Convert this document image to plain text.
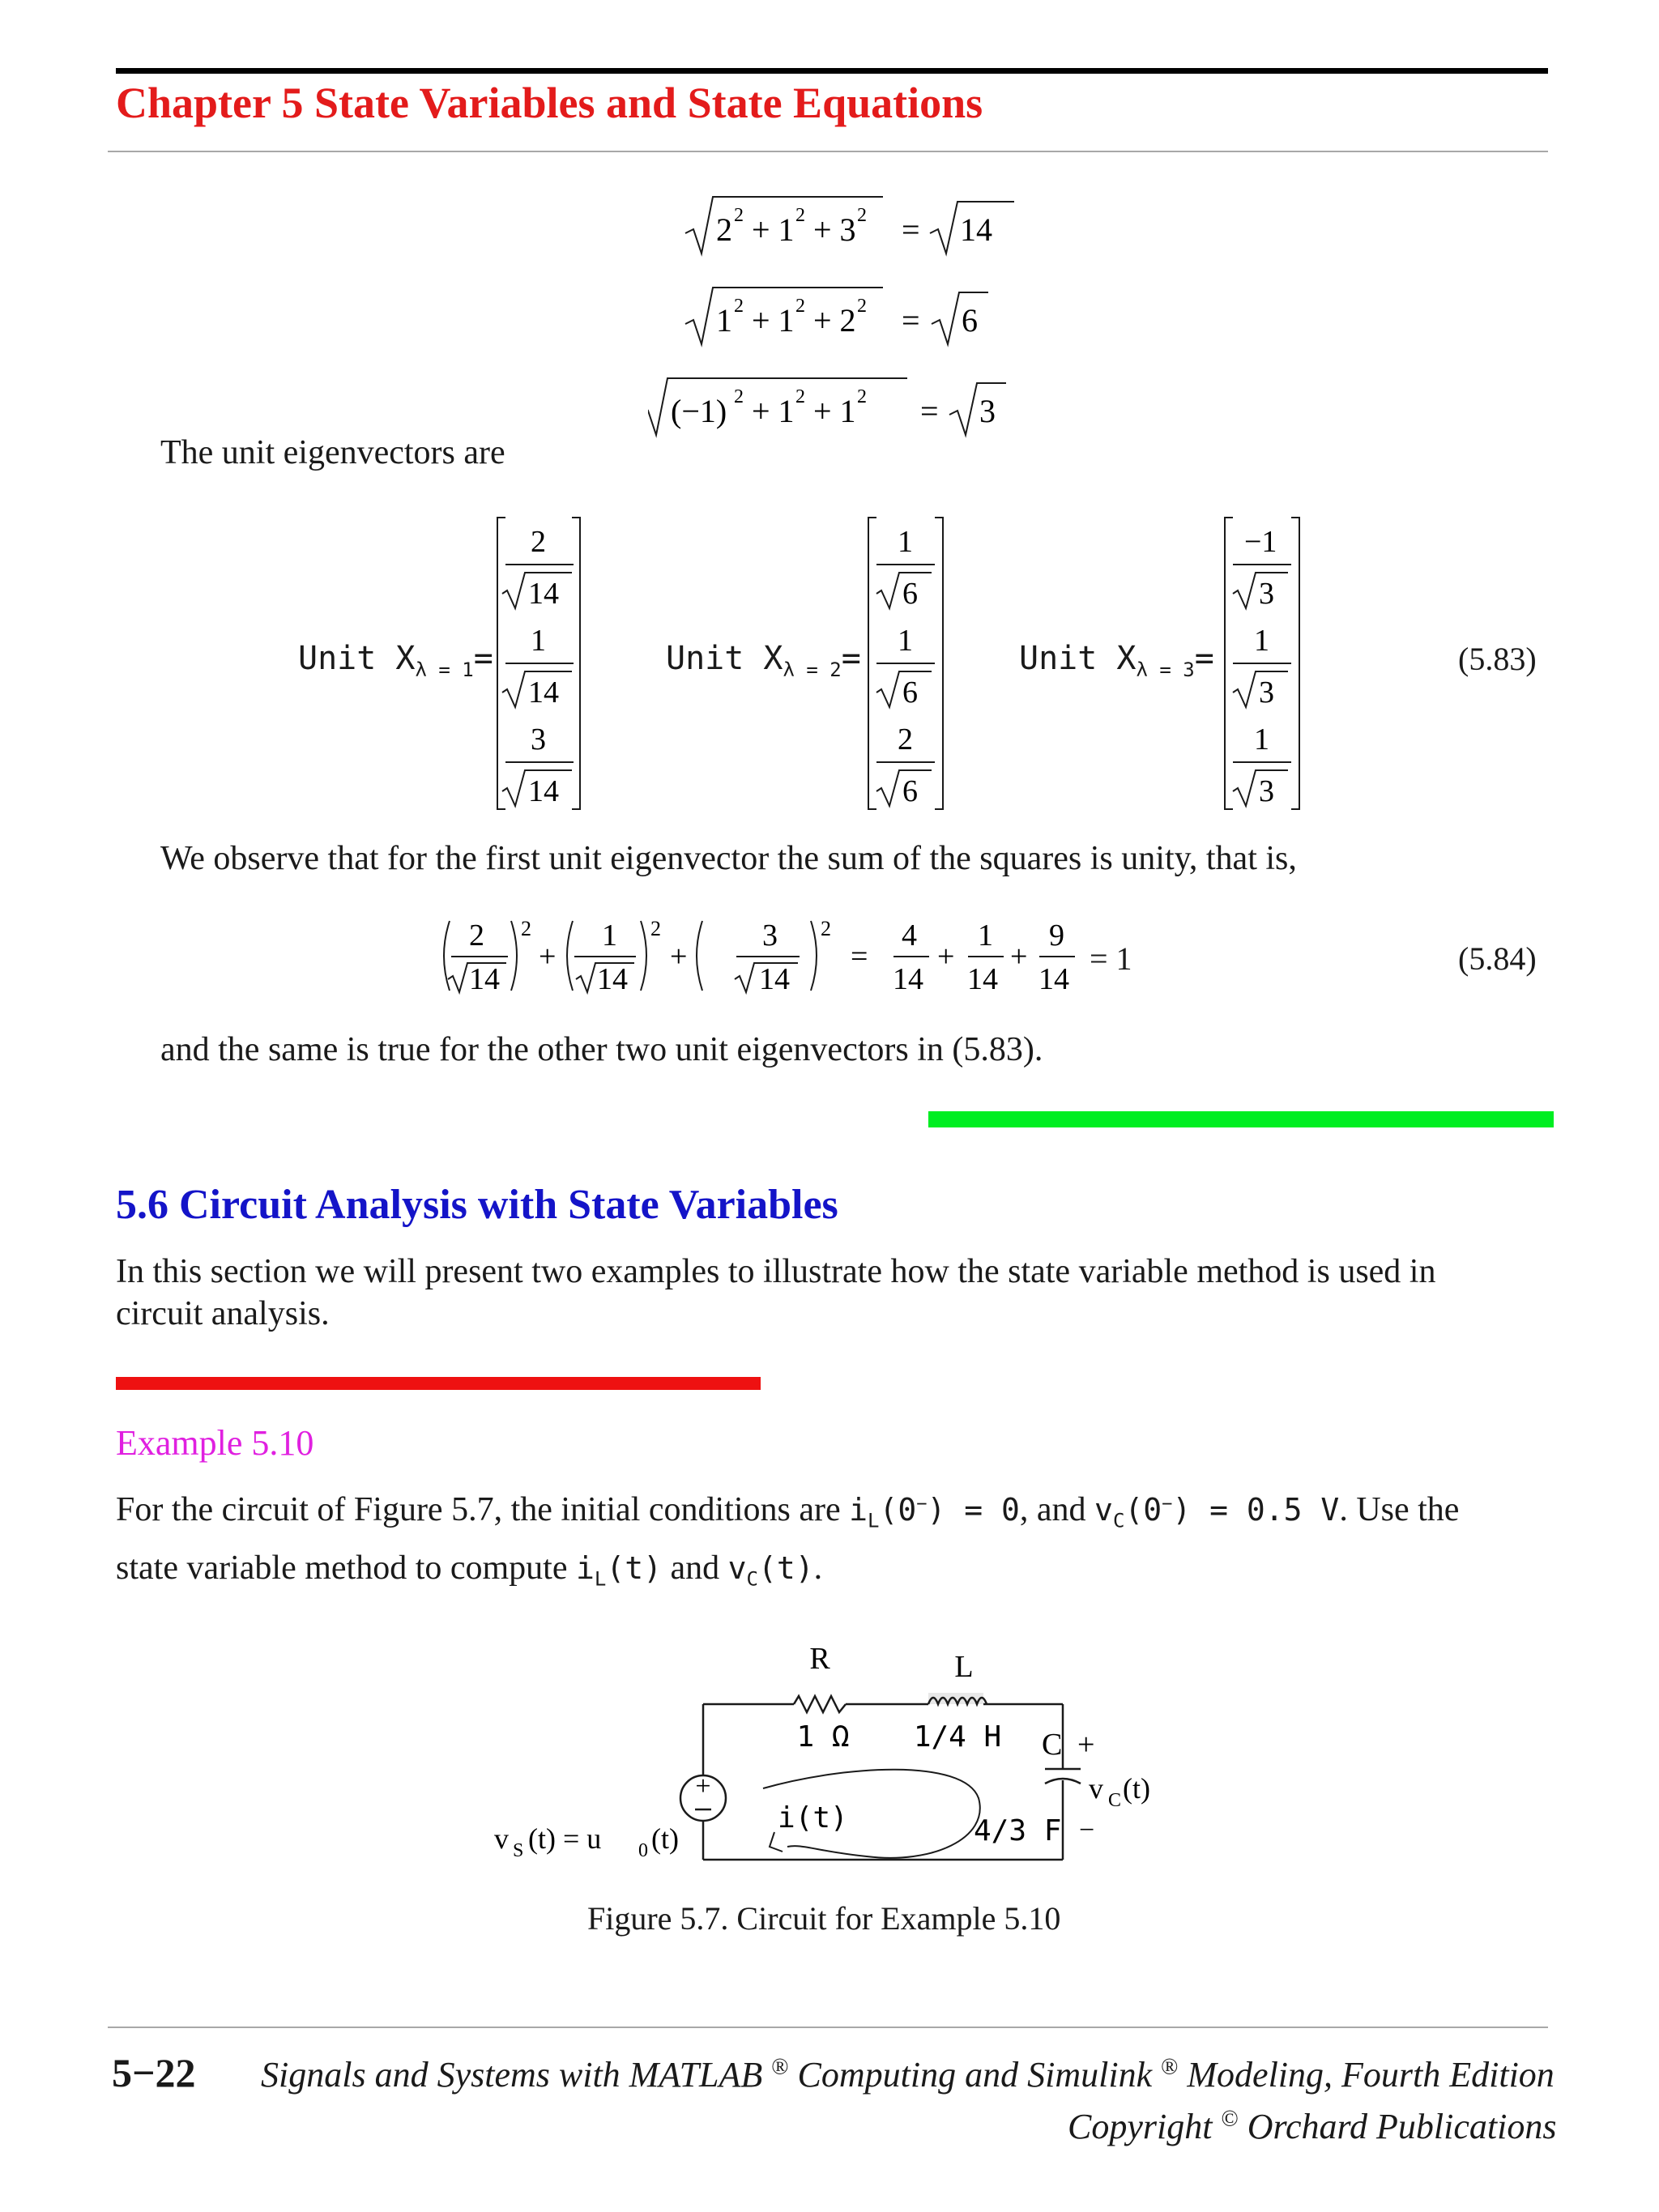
Chapter 5 State Variables and State Equations
2 2 + 1 2 + 3 2 = 14
1 2 + 1 2 + 2 2 = 6
(−1) 2 + 1 2 + 1 2 = 3
The unit eigenvectors are
Unit $X_{\lambda = 1}=$	Unit $X_{\lambda = 2}=$	Unit $X_{\lambda = 3}=$
2
14
1
14
3
14
1
6
1
6
2
6
−1
3
1
3
1
3
(5.83)
We observe that for the first unit eigenvector the sum of the squares is unity, that is,
2
14
2
+
1
14
2
+
3
14
2
=
4
14
+
1
14
+
9
14
= 1	(5.84)
and the same is true for the other two unit eigenvectors in (5.83).
5.6 Circuit Analysis with State Variables
In this section we will present two examples to illustrate how the state variable method is used in
circuit analysis.
Example 5.10
For the circuit of Figure 5.7, the initial conditions are $i_L(0^-) = 0$, and $v_C(0^-) = 0.5$ V. Use the
state variable method to compute $i_L(t)$ and $v_C(t)$.
+
R
1 Ω
L
1/4 H C +
−
4/3 F
v C (t)
i(t)
v S (t) = u 0 (t)
Figure 5.7. Circuit for Example 5.10
5−22 Signals and Systems with MATLAB ® Computing and Simulink ® Modeling, Fourth Edition
Copyright © Orchard Publications
